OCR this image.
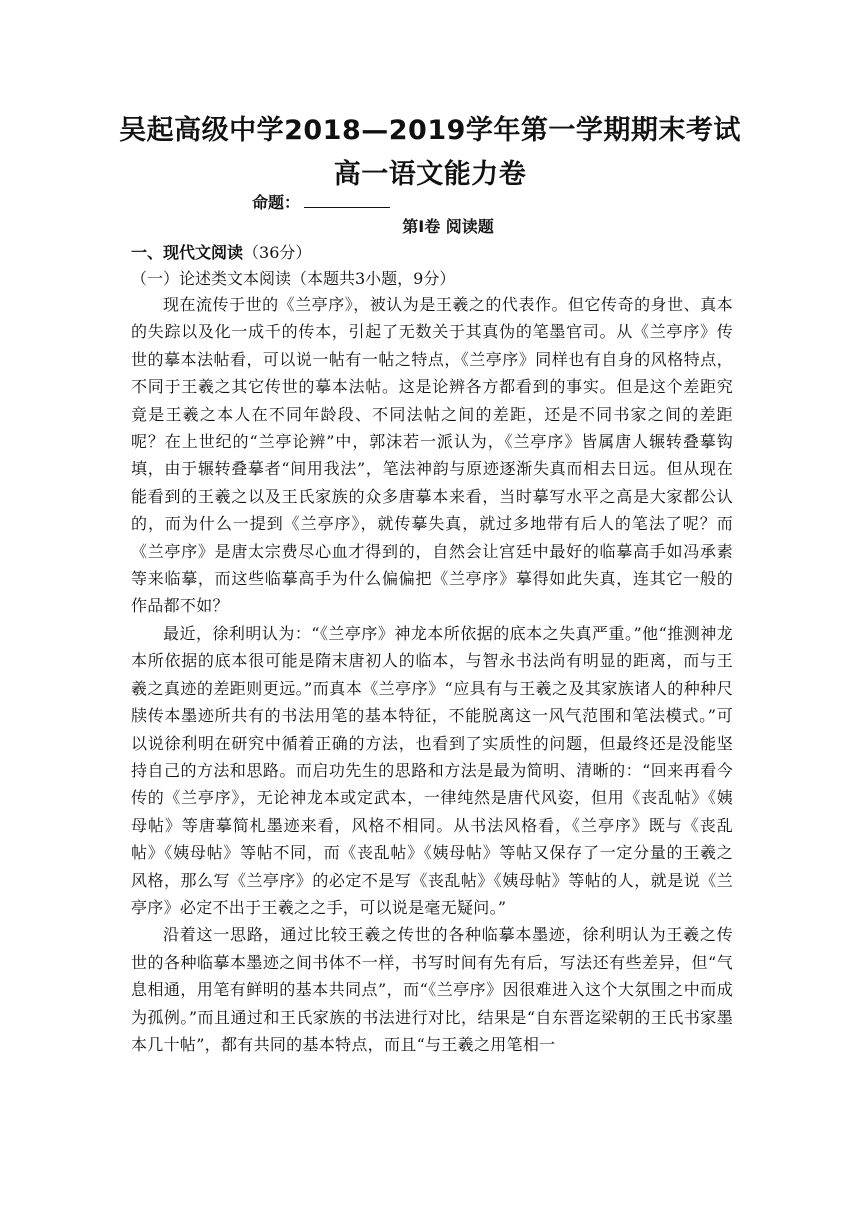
吴起高级中学2018—2019学年第一学期期末考试
高一语文能力卷
命题：
第Ⅰ卷 阅读题
一、现代文阅读（36分）
（一）论述类文本阅读（本题共3小题，9分）

现在流传于世的《兰亭序》，被认为是王羲之的代表作。但它传奇的身世、真本的失踪以及化一成千的传本，引起了无数关于其真伪的笔墨官司。从《兰亭序》传世的摹本法帖看，可以说一帖有一帖之特点，《兰亭序》同样也有自身的风格特点，不同于王羲之其它传世的摹本法帖。这是论辨各方都看到的事实。但是这个差距究竟是王羲之本人在不同年龄段、不同法帖之间的差距，还是不同书家之间的差距呢？在上世纪的“兰亭论辨”中，郭沫若一派认为，《兰亭序》皆属唐人辗转叠摹钩填，由于辗转叠摹者“间用我法”，笔法神韵与原迹逐渐失真而相去日远。但从现在能看到的王羲之以及王氏家族的众多唐摹本来看，当时摹写水平之高是大家都公认的，而为什么一提到《兰亭序》，就传摹失真，就过多地带有后人的笔法了呢？而《兰亭序》是唐太宗费尽心血才得到的，自然会让宫廷中最好的临摹高手如冯承素等来临摹，而这些临摹高手为什么偏偏把《兰亭序》摹得如此失真，连其它一般的作品都不如？

最近，徐利明认为：“《兰亭序》神龙本所依据的底本之失真严重。”他“推测神龙本所依据的底本很可能是隋末唐初人的临本，与智永书法尚有明显的距离，而与王羲之真迹的差距则更远。”而真本《兰亭序》“应具有与王羲之及其家族诸人的种种尺牍传本墨迹所共有的书法用笔的基本特征，不能脱离这一风气范围和笔法模式。”可以说徐利明在研究中循着正确的方法，也看到了实质性的问题，但最终还是没能坚持自己的方法和思路。而启功先生的思路和方法是最为简明、清晰的：“回来再看今传的《兰亭序》，无论神龙本或定武本，一律纯然是唐代风姿，但用《丧乱帖》《姨母帖》等唐摹简札墨迹来看，风格不相同。从书法风格看，《兰亭序》既与《丧乱帖》《姨母帖》等帖不同，而《丧乱帖》《姨母帖》等帖又保存了一定分量的王羲之风格，那么写《兰亭序》的必定不是写《丧乱帖》《姨母帖》等帖的人，就是说《兰亭序》必定不出于王羲之之手，可以说是毫无疑问。”

沿着这一思路，通过比较王羲之传世的各种临摹本墨迹，徐利明认为王羲之传世的各种临摹本墨迹之间书体不一样，书写时间有先有后，写法还有些差异，但“气息相通，用笔有鲜明的基本共同点”，而“《兰亭序》因很难进入这个大氛围之中而成为孤例。”而且通过和王氏家族的书法进行对比，结果是“自东晋迄梁朝的王氏书家墨本几十帖”，都有共同的基本特点，而且“与王羲之用笔相一
